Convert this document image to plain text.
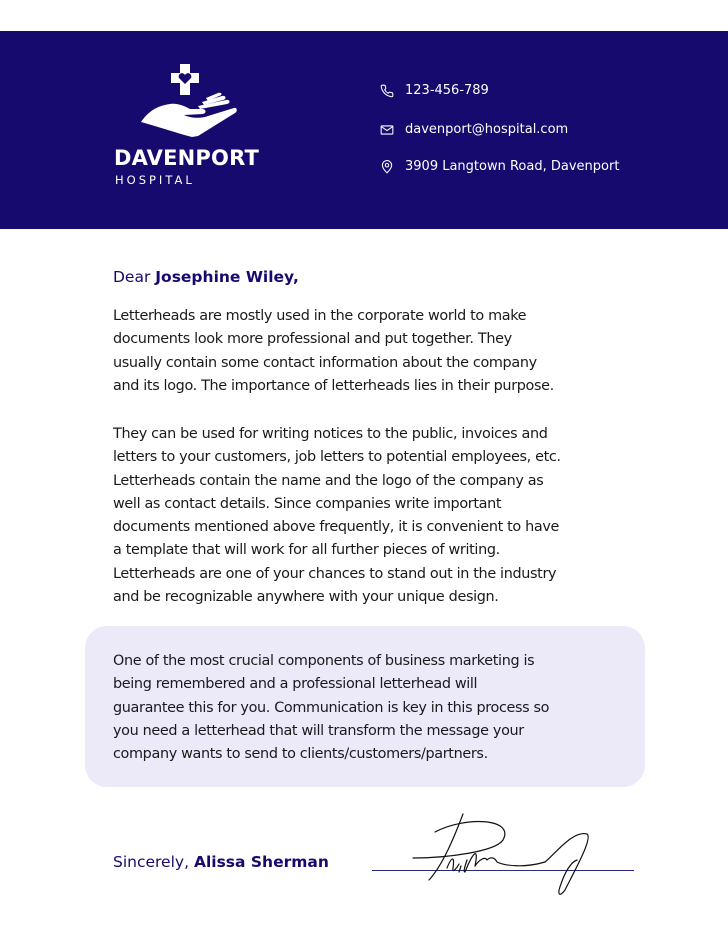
DAVENPORT
HOSPITAL
123-456-789
davenport@hospital.com
3909 Langtown Road, Davenport
Dear Josephine Wiley,
Letterheads are mostly used in the corporate world to make
documents look more professional and put together. They
usually contain some contact information about the company
and its logo. The importance of letterheads lies in their purpose.
They can be used for writing notices to the public, invoices and
letters to your customers, job letters to potential employees, etc.
Letterheads contain the name and the logo of the company as
well as contact details. Since companies write important
documents mentioned above frequently, it is convenient to have
a template that will work for all further pieces of writing.
Letterheads are one of your chances to stand out in the industry
and be recognizable anywhere with your unique design.
One of the most crucial components of business marketing is
being remembered and a professional letterhead will
guarantee this for you. Communication is key in this process so
you need a letterhead that will transform the message your
company wants to send to clients/customers/partners.
Sincerely, Alissa Sherman
